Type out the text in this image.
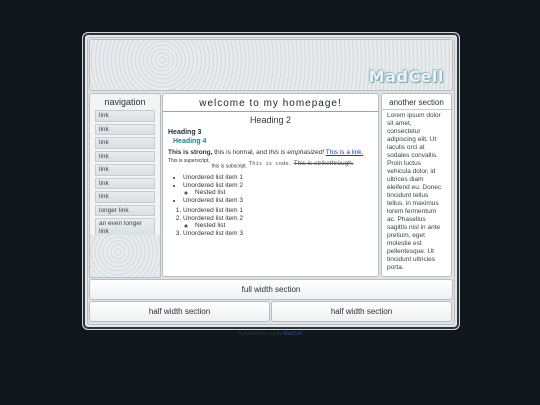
MadCell
navigation
link
link
link
link
link
link
link
longer link
an even longer link
welcome to my homepage!
Heading 2
Heading 3
Heading 4

This is strong, this is normal, and this is emphasized! This is a link.
$^{This is superscript,}$ $_{this is subscript.}$ This is code. This is strikethrough.

• Unordered list item 1
• Unordered list item 2
◦ Nested list
• Unordered list item 3
1. Unordered list item 1
2. Unordered list item 2
◦ Nested list
3. Unordered list item 3
another section
Lorem ipsum dolor sit amet, consectetur adipiscing elit. Ut iaculis orci at sodales convallis. Proin luctus vehicula dolor, id ultrices diam eleifend eu. Donec tincidunt tellus tellus, in maximus lorem fermentum ac. Phasellus sagittis nisl in ante pretium, eget molestie est pellentesque. Ut tincidunt ultricies porta.
full width section
half width section	half width section
layout/colors css by MadCell
